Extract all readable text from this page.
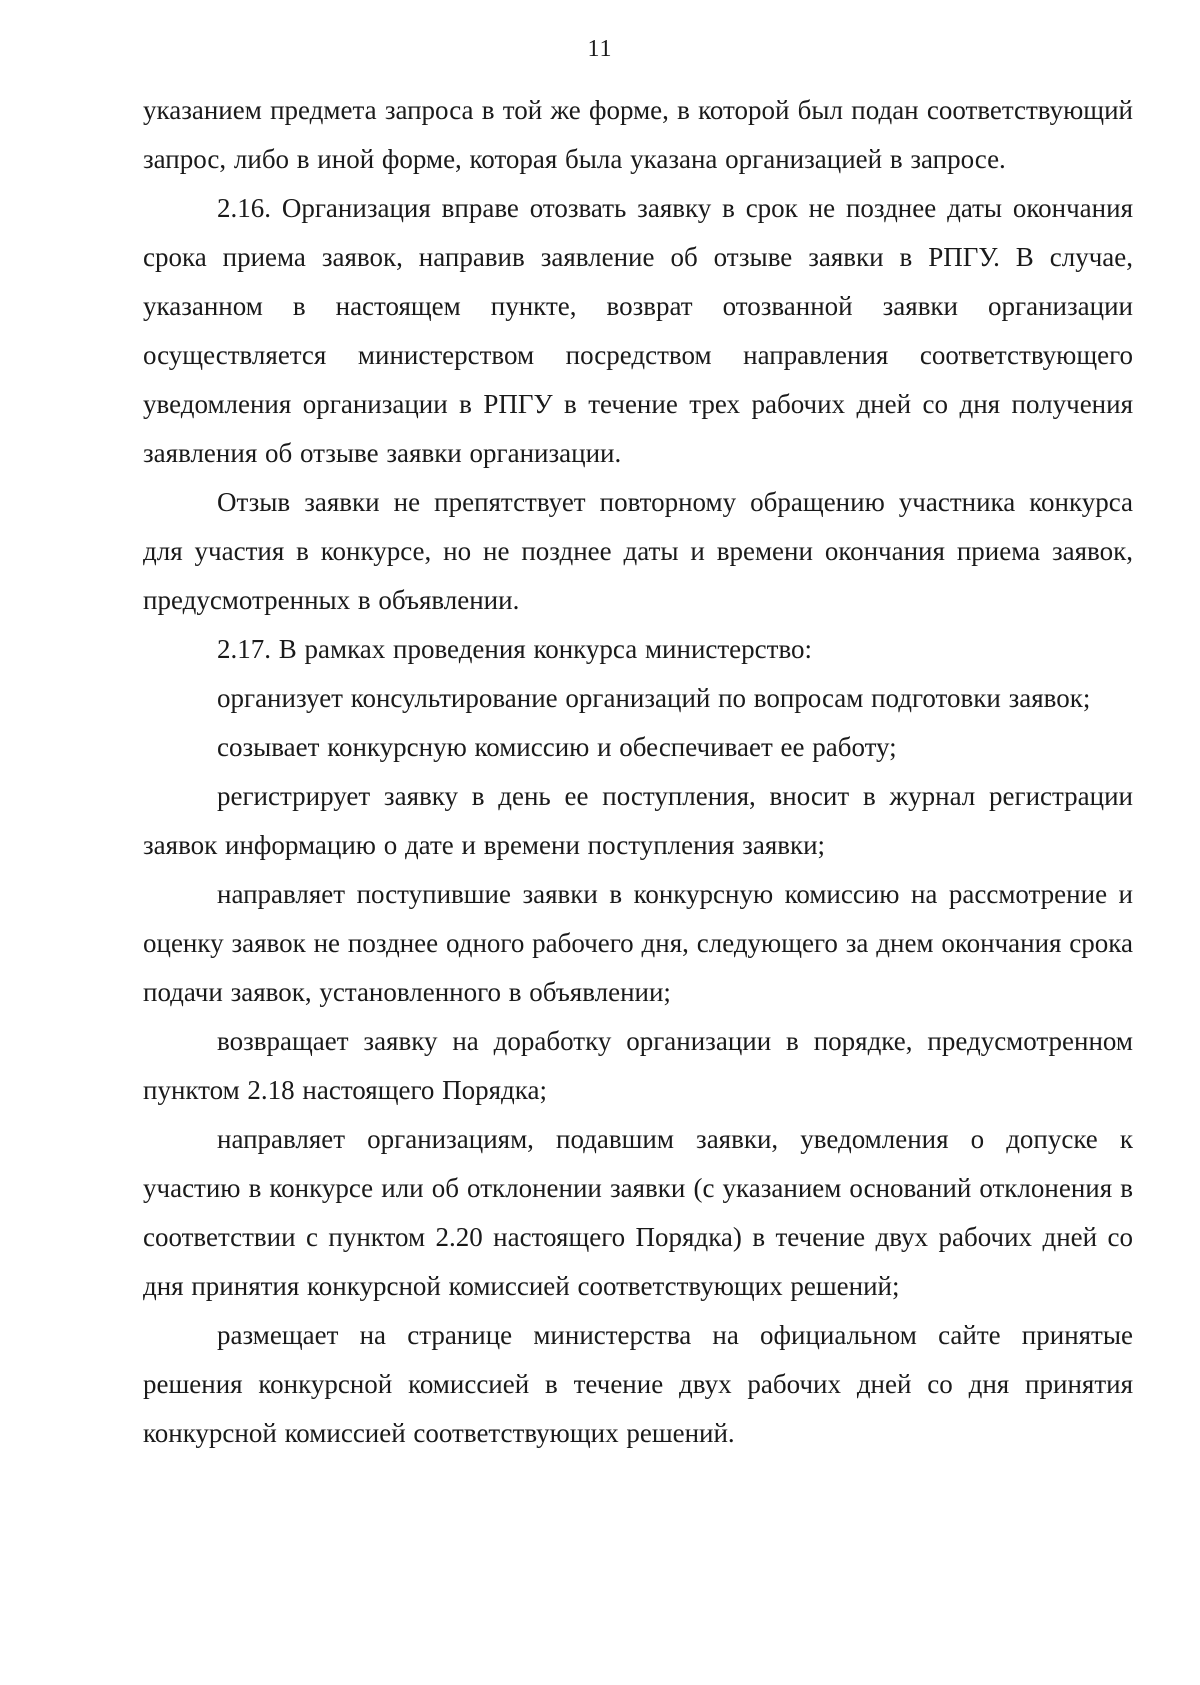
11

указанием предмета запроса в той же форме, в которой был подан соответствующий запрос, либо в иной форме, которая была указана организацией в запросе.

2.16. Организация вправе отозвать заявку в срок не позднее даты окончания срока приема заявок, направив заявление об отзыве заявки в РПГУ. В случае, указанном в настоящем пункте, возврат отозванной заявки организации осуществляется министерством посредством направления соответствующего уведомления организации в РПГУ в течение трех рабочих дней со дня получения заявления об отзыве заявки организации.

Отзыв заявки не препятствует повторному обращению участника конкурса для участия в конкурсе, но не позднее даты и времени окончания приема заявок, предусмотренных в объявлении.

2.17. В рамках проведения конкурса министерство:

организует консультирование организаций по вопросам подготовки заявок;

созывает конкурсную комиссию и обеспечивает ее работу;

регистрирует заявку в день ее поступления, вносит в журнал регистрации заявок информацию о дате и времени поступления заявки;

направляет поступившие заявки в конкурсную комиссию на рассмотрение и оценку заявок не позднее одного рабочего дня, следующего за днем окончания срока подачи заявок, установленного в объявлении;

возвращает заявку на доработку организации в порядке, предусмотренном пунктом 2.18 настоящего Порядка;

направляет организациям, подавшим заявки, уведомления о допуске к участию в конкурсе или об отклонении заявки (с указанием оснований отклонения в соответствии с пунктом 2.20 настоящего Порядка) в течение двух рабочих дней со дня принятия конкурсной комиссией соответствующих решений;

размещает на странице министерства на официальном сайте принятые решения конкурсной комиссией в течение двух рабочих дней со дня принятия конкурсной комиссией соответствующих решений.
